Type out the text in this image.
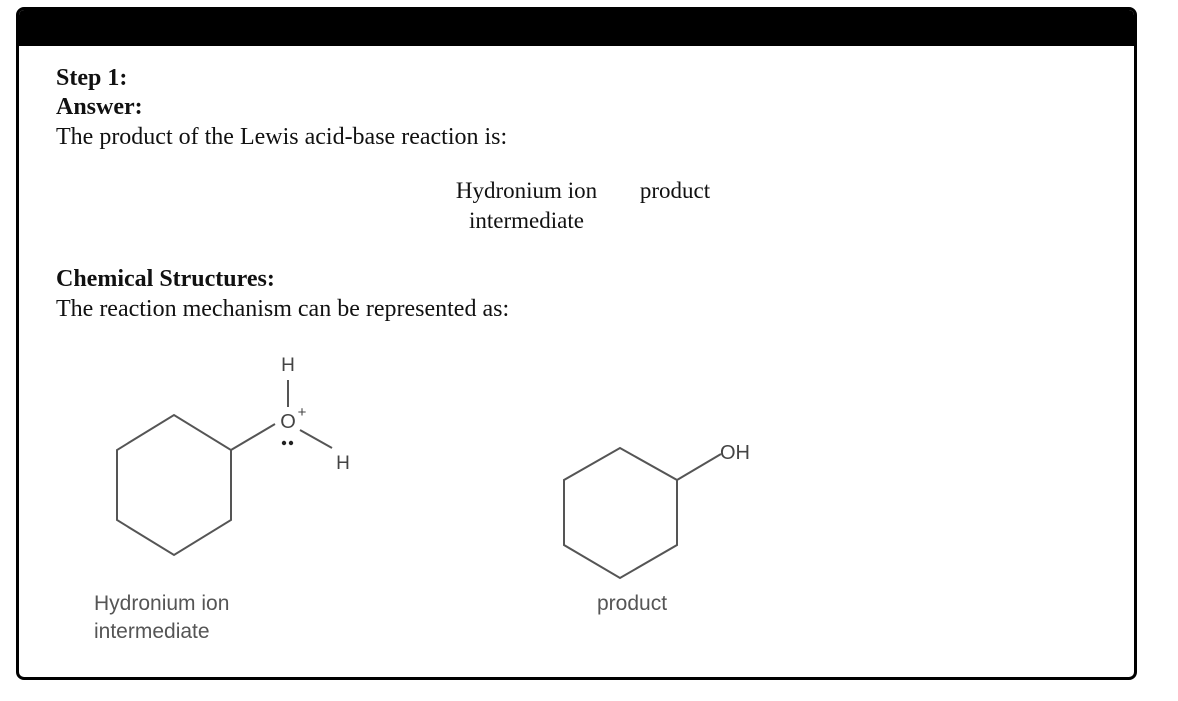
Step 1:
Answer:
The product of the Lewis acid-base reaction is:
Hydronium ion
intermediate
product
Chemical Structures:
The reaction mechanism can be represented as:
H
O +
H	OH
Hydronium ion
intermediate
product
